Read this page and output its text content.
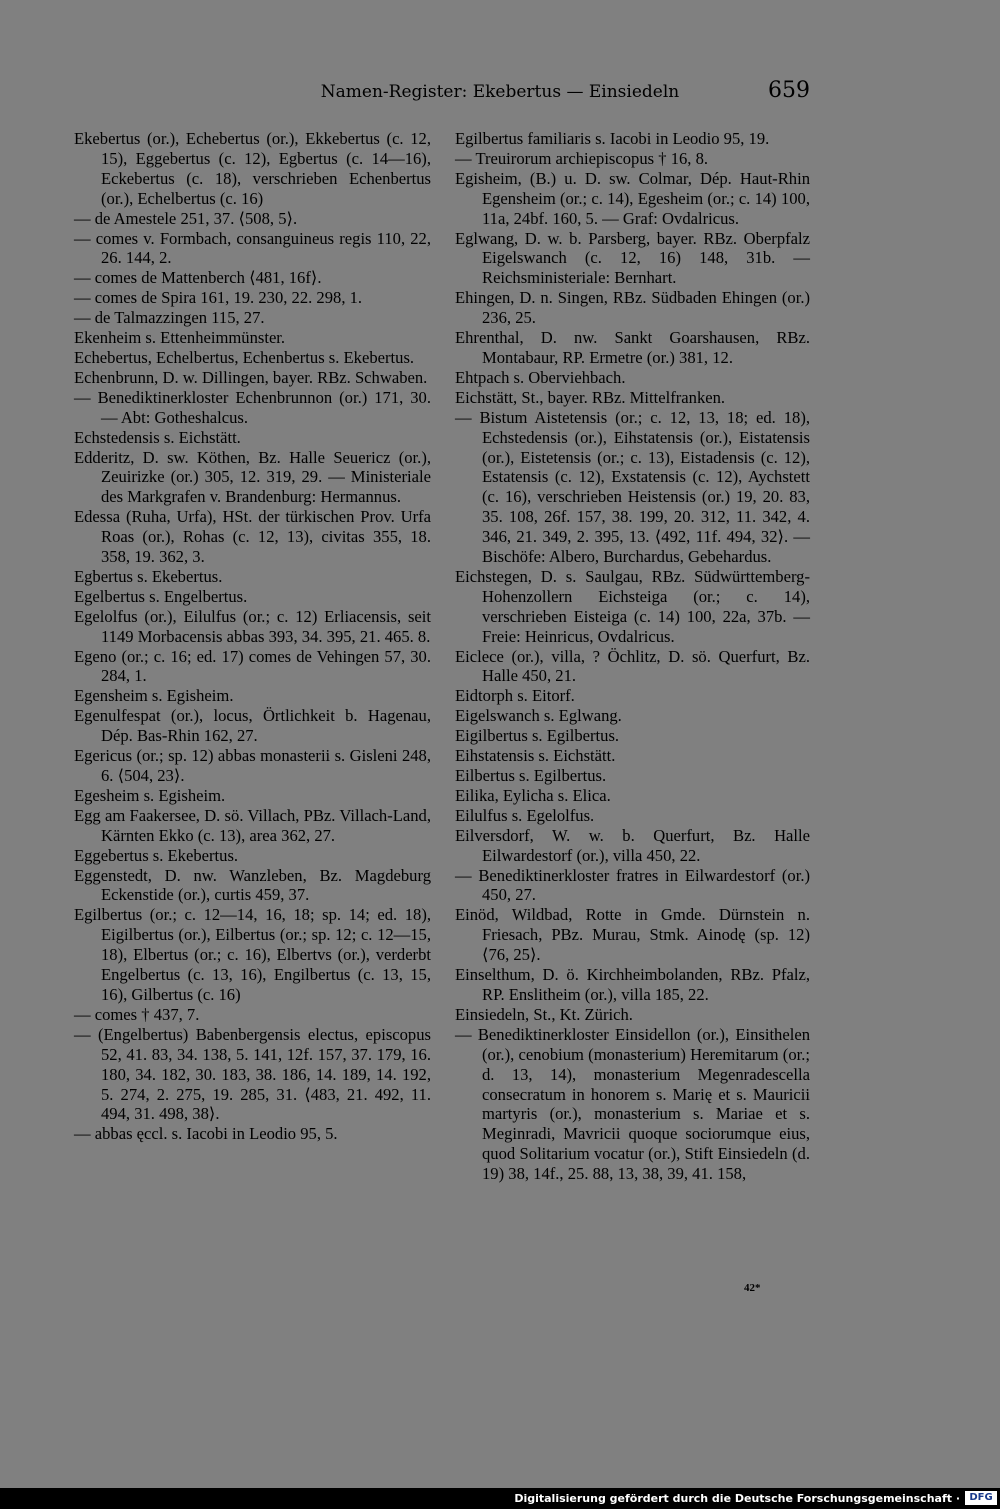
Namen-Register: Ekebertus — Einsiedeln	659

Ekebertus (or.), Echebertus (or.), Ekkebertus (c. 12, 15), Eggebertus (c. 12), Egbertus (c. 14—16), Eckebertus (c. 18), verschrieben Echenbertus (or.), Echelbertus (c. 16)

— de Amestele 251, 37. ⟨508, 5⟩.

— comes v. Formbach, consanguineus regis 110, 22, 26. 144, 2.

— comes de Mattenberch ⟨481, 16f⟩.

— comes de Spira 161, 19. 230, 22. 298, 1.

— de Talmazzingen 115, 27.

Ekenheim s. Ettenheimmünster.

Echebertus, Echelbertus, Echenbertus s. Ekebertus.

Echenbrunn, D. w. Dillingen, bayer. RBz. Schwaben.

— Benediktinerkloster Echenbrunnon (or.) 171, 30. — Abt: Gotheshalcus.

Echstedensis s. Eichstätt.

Edderitz, D. sw. Köthen, Bz. Halle Seuericz (or.), Zeuirizke (or.) 305, 12. 319, 29. — Ministeriale des Markgrafen v. Brandenburg: Hermannus.

Edessa (Ruha, Urfa), HSt. der türkischen Prov. Urfa Roas (or.), Rohas (c. 12, 13), civitas 355, 18. 358, 19. 362, 3.

Egbertus s. Ekebertus.

Egelbertus s. Engelbertus.

Egelolfus (or.), Eilulfus (or.; c. 12) Erliacensis, seit 1149 Morbacensis abbas 393, 34. 395, 21. 465. 8.

Egeno (or.; c. 16; ed. 17) comes de Vehingen 57, 30. 284, 1.

Egensheim s. Egisheim.

Egenulfespat (or.), locus, Örtlichkeit b. Hagenau, Dép. Bas-Rhin 162, 27.

Egericus (or.; sp. 12) abbas monasterii s. Gisleni 248, 6. ⟨504, 23⟩.

Egesheim s. Egisheim.

Egg am Faakersee, D. sö. Villach, PBz. Villach-Land, Kärnten Ekko (c. 13), area 362, 27.

Eggebertus s. Ekebertus.

Eggenstedt, D. nw. Wanzleben, Bz. Magdeburg Eckenstide (or.), curtis 459, 37.

Egilbertus (or.; c. 12—14, 16, 18; sp. 14; ed. 18), Eigilbertus (or.), Eilbertus (or.; sp. 12; c. 12—15, 18), Elbertus (or.; c. 16), Elbertvs (or.), verderbt Engelbertus (c. 13, 16), Engilbertus (c. 13, 15, 16), Gilbertus (c. 16)

— comes † 437, 7.

— (Engelbertus) Babenbergensis electus, episcopus 52, 41. 83, 34. 138, 5. 141, 12f. 157, 37. 179, 16. 180, 34. 182, 30. 183, 38. 186, 14. 189, 14. 192, 5. 274, 2. 275, 19. 285, 31. ⟨483, 21. 492, 11. 494, 31. 498, 38⟩.

— abbas ęccl. s. Iacobi in Leodio 95, 5.

Egilbertus familiaris s. Iacobi in Leodio 95, 19.

— Treuirorum archiepiscopus † 16, 8.

Egisheim, (B.) u. D. sw. Colmar, Dép. Haut-Rhin Egensheim (or.; c. 14), Egesheim (or.; c. 14) 100, 11a, 24bf. 160, 5. — Graf: Ovdalricus.

Eglwang, D. w. b. Parsberg, bayer. RBz. Oberpfalz Eigelswanch (c. 12, 16) 148, 31b. — Reichsministeriale: Bernhart.

Ehingen, D. n. Singen, RBz. Südbaden Ehingen (or.) 236, 25.

Ehrenthal, D. nw. Sankt Goarshausen, RBz. Montabaur, RP. Ermetre (or.) 381, 12.

Ehtpach s. Oberviehbach.

Eichstätt, St., bayer. RBz. Mittelfranken.

— Bistum Aistetensis (or.; c. 12, 13, 18; ed. 18), Echstedensis (or.), Eihstatensis (or.), Eistatensis (or.), Eistetensis (or.; c. 13), Eistadensis (c. 12), Estatensis (c. 12), Exstatensis (c. 12), Aychstett (c. 16), verschrieben Heistensis (or.) 19, 20. 83, 35. 108, 26f. 157, 38. 199, 20. 312, 11. 342, 4. 346, 21. 349, 2. 395, 13. ⟨492, 11f. 494, 32⟩. — Bischöfe: Albero, Burchardus, Gebehardus.

Eichstegen, D. s. Saulgau, RBz. Südwürttemberg-Hohenzollern Eichsteiga (or.; c. 14), verschrieben Eisteiga (c. 14) 100, 22a, 37b. — Freie: Heinricus, Ovdalricus.

Eiclece (or.), villa, ? Öchlitz, D. sö. Querfurt, Bz. Halle 450, 21.

Eidtorph s. Eitorf.

Eigelswanch s. Eglwang.

Eigilbertus s. Egilbertus.

Eihstatensis s. Eichstätt.

Eilbertus s. Egilbertus.

Eilika, Eylicha s. Elica.

Eilulfus s. Egelolfus.

Eilversdorf, W. w. b. Querfurt, Bz. Halle Eilwardestorf (or.), villa 450, 22.

— Benediktinerkloster fratres in Eilwardestorf (or.) 450, 27.

Einöd, Wildbad, Rotte in Gmde. Dürnstein n. Friesach, PBz. Murau, Stmk. Ainodę (sp. 12) ⟨76, 25⟩.

Einselthum, D. ö. Kirchheimbolanden, RBz. Pfalz, RP. Enslitheim (or.), villa 185, 22.

Einsiedeln, St., Kt. Zürich.

— Benediktinerkloster Einsidellon (or.), Einsithelen (or.), cenobium (monasterium) Heremitarum (or.; d. 13, 14), monasterium Megenradescella consecratum in honorem s. Marię et s. Mauricii martyris (or.), monasterium s. Mariae et s. Meginradi, Mavricii quoque sociorumque eius, quod Solitarium vocatur (or.), Stift Einsiedeln (d. 19) 38, 14f., 25. 88, 13, 38, 39, 41. 158,

42*
Digitalisierung gefördert durch die Deutsche Forschungsgemeinschaft · DFG
